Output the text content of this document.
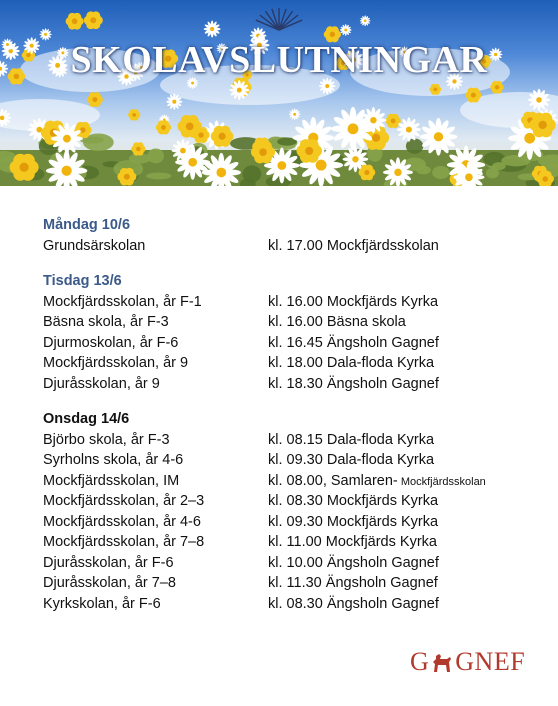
SKOLAVSLUTNINGAR
Måndag 10/6
Grundsärskolan	kl. 17.00 Mockfjärdsskolan
Tisdag 13/6
Mockfjärdsskolan, år F-1	kl. 16.00 Mockfjärds Kyrka
Bäsna skola, år F-3	kl. 16.00 Bäsna skola
Djurmoskolan, år F-6	kl. 16.45 Ängsholn Gagnef
Mockfjärdsskolan, år 9	kl. 18.00 Dala-floda Kyrka
Djuråsskolan, år 9	kl. 18.30 Ängsholn Gagnef
Onsdag 14/6
Björbo skola, år F-3	kl. 08.15 Dala-floda Kyrka
Syrholns skola, år 4-6	kl. 09.30 Dala-floda Kyrka
Mockfjärdsskolan, IM	kl. 08.00, Samlaren- Mockfjärdsskolan
Mockfjärdsskolan, år 2–3	kl. 08.30 Mockfjärds Kyrka
Mockfjärdsskolan, år 4-6	kl. 09.30 Mockfjärds Kyrka
Mockfjärdsskolan, år 7–8	kl. 11.00 Mockfjärds Kyrka
Djuråsskolan, år F-6	kl. 10.00 Ängsholn Gagnef
Djuråsskolan, år 7–8	kl. 11.30 Ängsholn Gagnef
Kyrkskolan, år F-6	kl. 08.30 Ängsholn Gagnef
G GNEF
